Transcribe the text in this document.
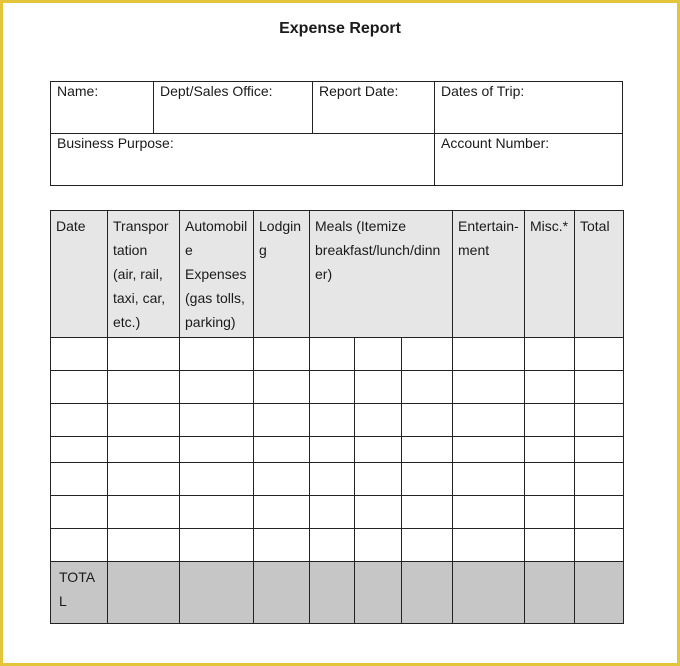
Expense Report
Name:	Dept/Sales Office:	Report Date:	Dates of Trip:
Business Purpose:	Account Number:
Date	Transpor tation (air, rail, taxi, car, etc.)	Automobil e Expenses (gas tolls, parking)	Lodgin g	Meals (Itemize breakfast/lunch/dinn er)			Entertain- ment	Misc.*	Total

TOTA L									
